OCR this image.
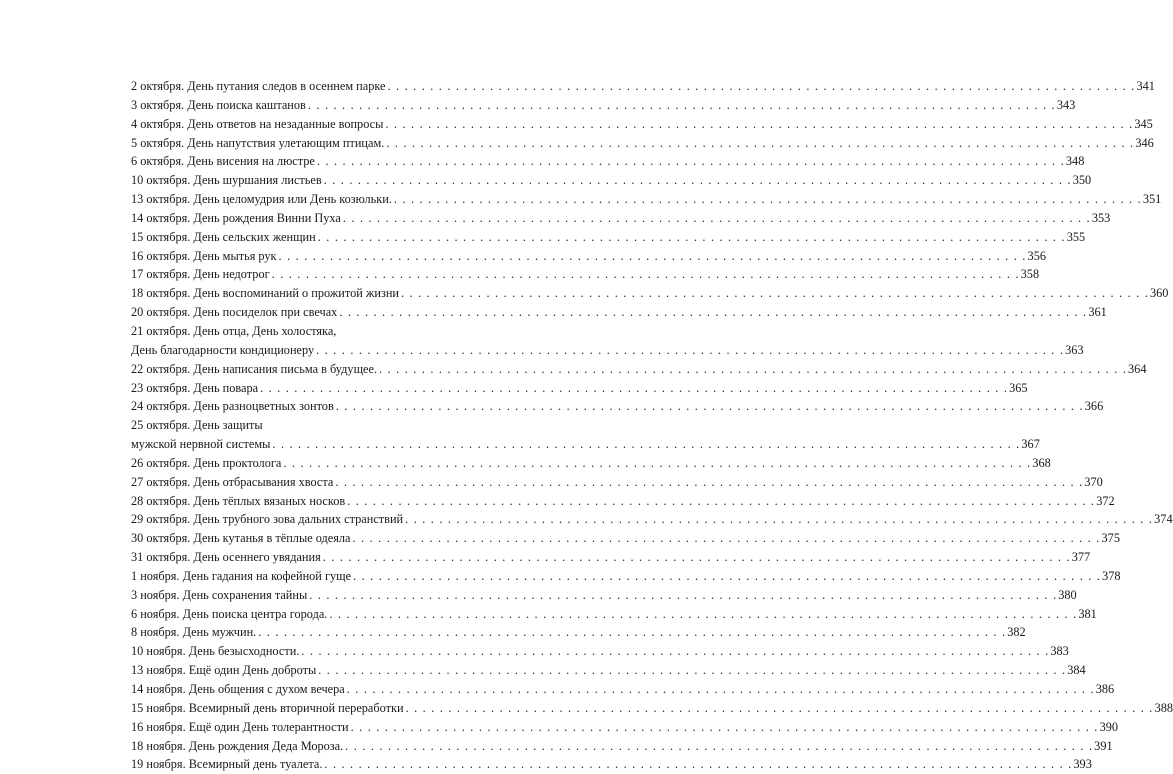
2 октября. День путания следов в осеннем парке . . .	341
3 октября. День поиска каштанов . . .	343
4 октября. День ответов на незаданные вопросы . . .	345
5 октября. День напутствия улетающим птицам. . . .	346
6 октября. День висения на люстре . . .	348
10 октября. День шуршания листьев . . .	350
13 октября. День целомудрия или День козюльки. . . .	351
14 октября. День рождения Винни Пуха . . .	353
15 октября. День сельских женщин . . .	355
16 октября. День мытья рук . . .	356
17 октября. День недотрог . . .	358
18 октября. День воспоминаний о прожитой жизни . . .	360
20 октября. День посиделок при свечах . . .	361
21 октября. День отца, День холостяка,
День благодарности кондиционеру . . .	363
22 октября. День написания письма в будущее. . . .	364
23 октября. День повара . . .	365
24 октября. День разноцветных зонтов . . .	366
25 октября. День защиты
мужской нервной системы . . .	367
26 октября. День проктолога . . .	368
27 октября. День отбрасывания хвоста . . .	370
28 октября. День тёплых вязаных носков . . .	372
29 октября. День трубного зова дальних странствий . . .	374
30 октября. День кутанья в тёплые одеяла . . .	375
31 октября. День осеннего увядания . . .	377
1 ноября. День гадания на кофейной гуще . . .	378
3 ноября. День сохранения тайны . . .	380
6 ноября. День поиска центра города. . . .	381
8 ноября. День мужчин. . . .	382
10 ноября. День безысходности. . . .	383
13 ноября. Ещё один День доброты . . .	384
14 ноября. День общения с духом вечера . . .	386
15 ноября. Всемирный день вторичной переработки . . .	388
16 ноября. Ещё один День толерантности . . .	390
18 ноября. День рождения Деда Мороза. . . .	391
19 ноября. Всемирный день туалета. . . .	393
